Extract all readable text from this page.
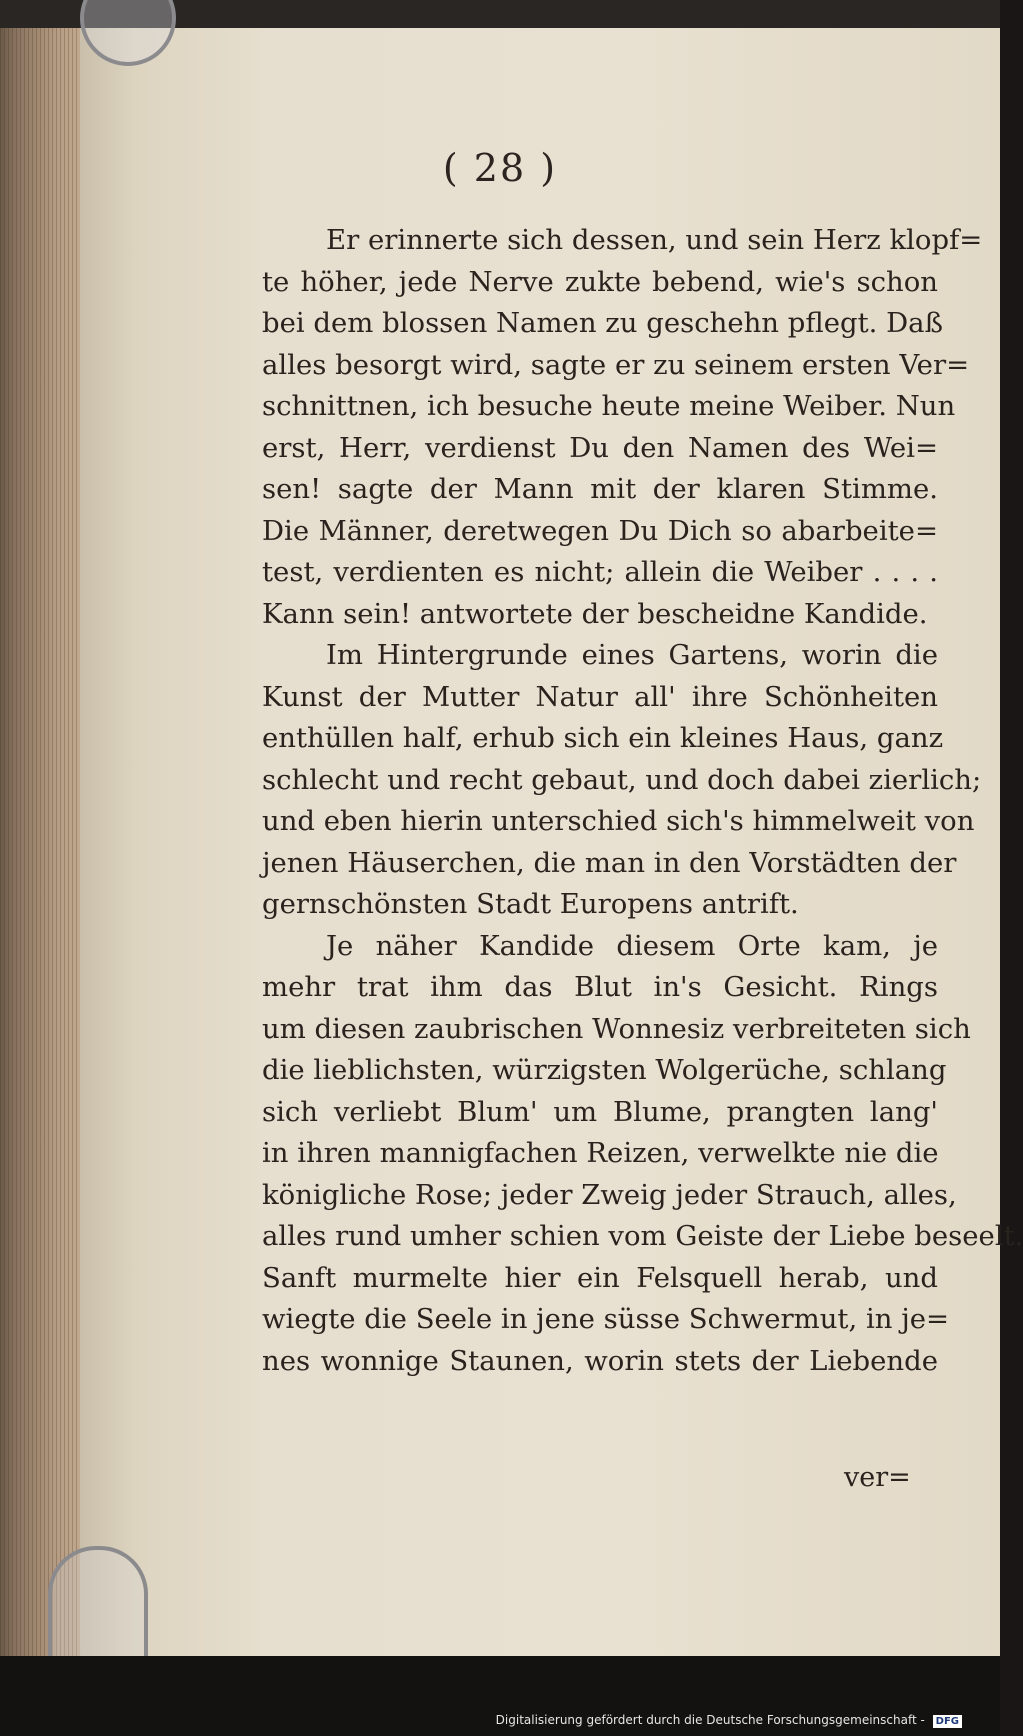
( 28 )
Er erinnerte sich dessen, und sein Herz klopf=
te höher, jede Nerve zukte bebend, wie's schon
bei dem blossen Namen zu geschehn pflegt. Daß
alles besorgt wird, sagte er zu seinem ersten Ver=
schnittnen, ich besuche heute meine Weiber. Nun
erst, Herr, verdienst Du den Namen des Wei=
sen! sagte der Mann mit der klaren Stimme.
Die Männer, deretwegen Du Dich so abarbeite=
test, verdienten es nicht; allein die Weiber . . . .
Kann sein! antwortete der bescheidne Kandide.
Im Hintergrunde eines Gartens, worin die
Kunst der Mutter Natur all' ihre Schönheiten
enthüllen half, erhub sich ein kleines Haus, ganz
schlecht und recht gebaut, und doch dabei zierlich;
und eben hierin unterschied sich's himmelweit von
jenen Häuserchen, die man in den Vorstädten der
gernschönsten Stadt Europens antrift.
Je näher Kandide diesem Orte kam, je
mehr trat ihm das Blut in's Gesicht. Rings
um diesen zaubrischen Wonnesiz verbreiteten sich
die lieblichsten, würzigsten Wolgerüche, schlang
sich verliebt Blum' um Blume, prangten lang'
in ihren mannigfachen Reizen, verwelkte nie die
königliche Rose; jeder Zweig jeder Strauch, alles,
alles rund umher schien vom Geiste der Liebe beseelt.
Sanft murmelte hier ein Felsquell herab, und
wiegte die Seele in jene süsse Schwermut, in je=
nes wonnige Staunen, worin stets der Liebende
ver=
Digitalisierung gefördert durch die Deutsche Forschungsgemeinschaft - DFG
